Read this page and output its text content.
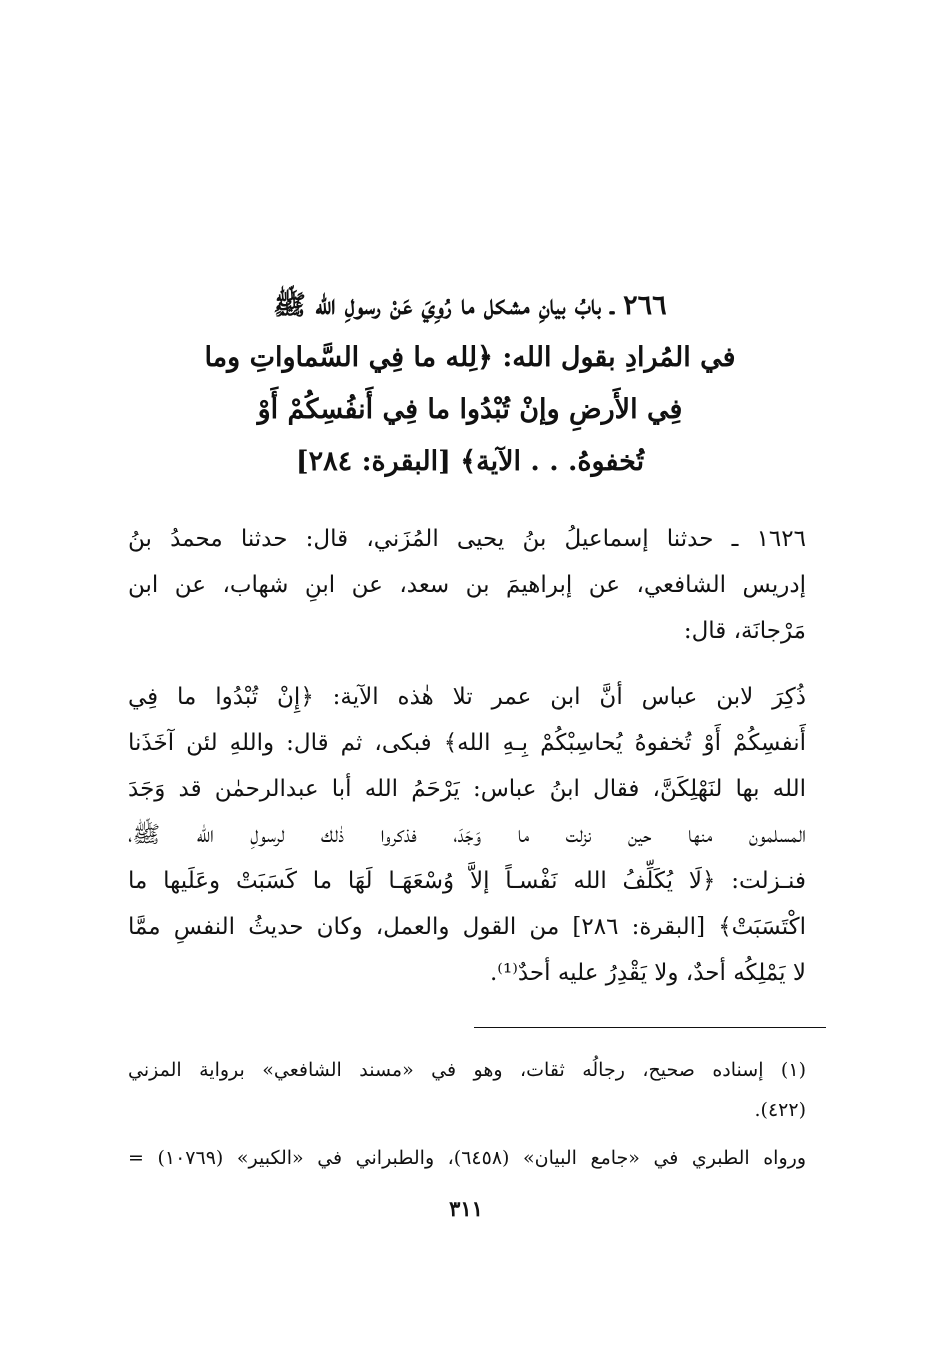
٢٦٦ ـ بابُ بيانِ مشكل ما رُوِيَ عَنْ رسولِ الله ﷺ
في المُرادِ بقول الله: ﴿لِله ما فِي السَّماواتِ وما
فِي الأَرضِ وإنْ تُبْدُوا ما فِي أَنفُسِكُمْ أَوْ
تُخفوهُ. . . الآية﴾ [البقرة: ٢٨٤]
١٦٢٦ ـ حدثنا إسماعيلُ بنُ يحيى المُزَني، قال: حدثنا محمدُ بنُ
إدريس الشافعي، عن إبراهيمَ بن سعد، عن ابنِ شهاب، عن ابن
مَرْجانَة، قال:
ذُكِرَ لابن عباس أنَّ ابن عمر تلا هٰذه الآية: ﴿إِنْ تُبْدُوا ما فِي
أَنفسِكُمْ أَوْ تُخفوهُ يُحاسِبْكُمْ بِـهِ الله﴾ فبكى، ثم قال: واللهِ لئن آخَذَنا
الله بها لنَهْلِكَنَّ، فقال ابنُ عباس: يَرْحَمُ الله أبا عبدالرحمٰن قد وَجَدَ
المسلمون منها حين نزلت ما وَجَدَ، فذكروا ذٰلك لرسولِ الله ﷺ،
فنـزلت: ﴿لَا يُكَلِّفُ الله نَفْسـاً إلاَّ وُسْعَهَـا لَهَا ما كَسَبَتْ وعَلَيها ما
اكْتَسَبَتْ﴾ [البقرة: ٢٨٦] من القول والعمل، وكان حديثُ النفسِ ممَّا
لا يَمْلِكُه أحدٌ، ولا يَقْدِرُ عليه أحدٌ⁽¹⁾.
(١) إسناده صحيح، رجالُه ثقات، وهو في «مسند الشافعي» برواية المزني
(٤٢٢).
ورواه الطبري في «جامع البيان» (٦٤٥٨)، والطبراني في «الكبير» (١٠٧٦٩) =
٣١١
